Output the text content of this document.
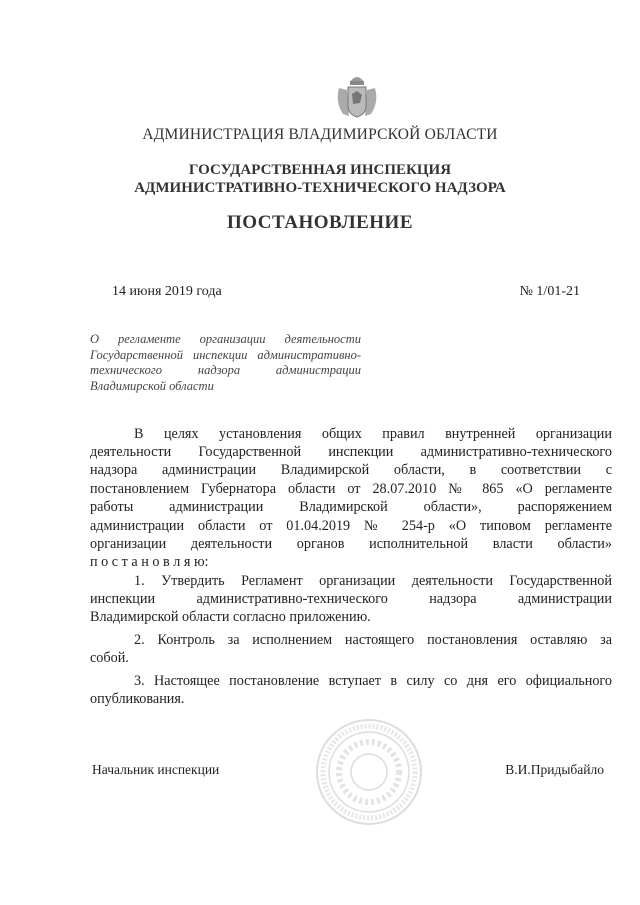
АДМИНИСТРАЦИЯ ВЛАДИМИРСКОЙ ОБЛАСТИ
ГОСУДАРСТВЕННАЯ ИНСПЕКЦИЯ
АДМИНИСТРАТИВНО-ТЕХНИЧЕСКОГО НАДЗОРА
ПОСТАНОВЛЕНИЕ
14 июня 2019 года	№ 1/01-21
О регламенте организации деятельности Государственной инспекции административно-технического надзора администрации Владимирской области
В целях установления общих правил внутренней организации
деятельности Государственной инспекции административно-технического
надзора администрации Владимирской области, в соответствии с
постановлением Губернатора области от 28.07.2010 № 865 «О регламенте
работы администрации Владимирской области», распоряжением
администрации области от 01.04.2019 № 254-р «О типовом регламенте
организации деятельности органов исполнительной власти области»
п о с т а н о в л я ю:
1. Утвердить Регламент организации деятельности Государственной
инспекции административно-технического надзора администрации
Владимирской области согласно приложению.
2. Контроль за исполнением настоящего постановления оставляю за
собой.
3. Настоящее постановление вступает в силу со дня его официального
опубликования.
Начальник инспекции	В.И.Придыбайло
